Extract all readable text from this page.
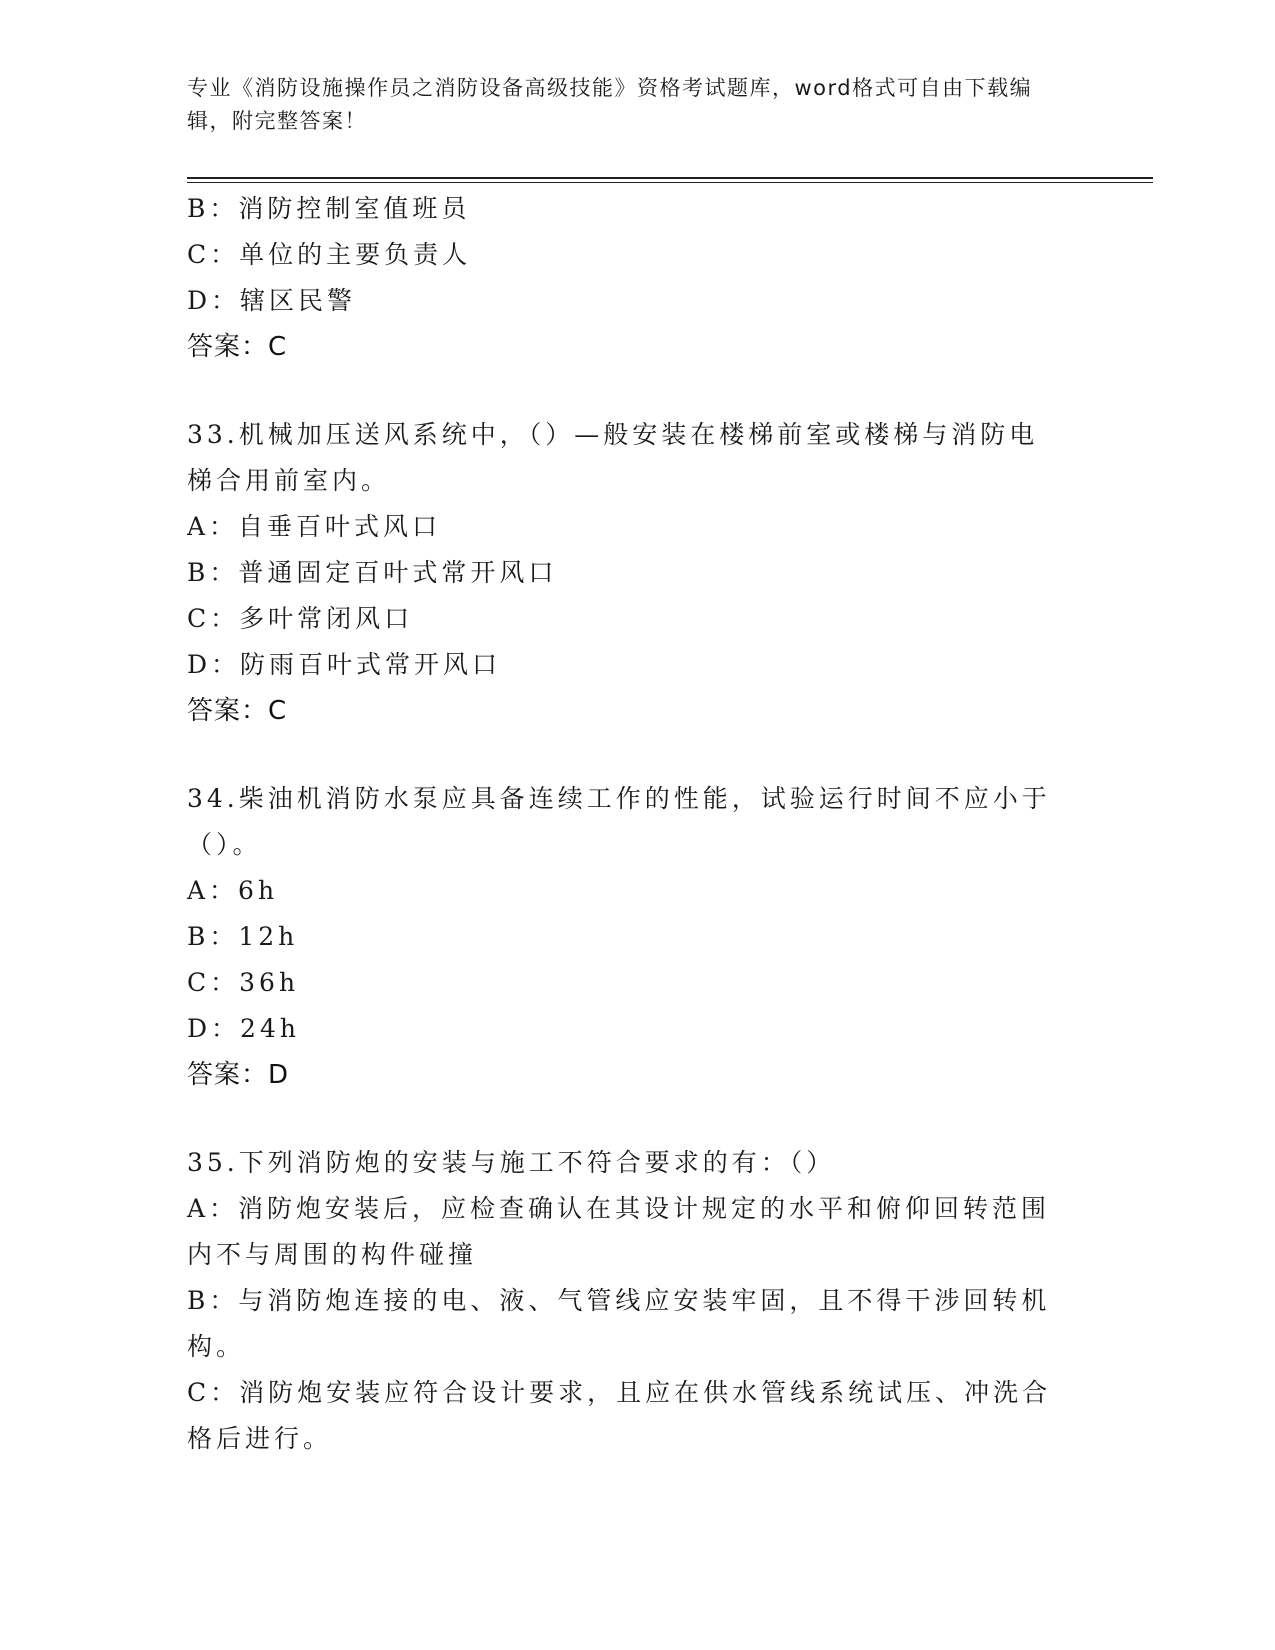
专业《消防设施操作员之消防设备高级技能》资格考试题库，word格式可自由下载编辑，附完整答案！
B：消防控制室值班员
C：单位的主要负责人
D：辖区民警
答案：C
33.机械加压送风系统中，（）—般安装在楼梯前室或楼梯与消防电梯合用前室内。
A：自垂百叶式风口
B：普通固定百叶式常开风口
C：多叶常闭风口
D：防雨百叶式常开风口
答案：C
34.柴油机消防水泵应具备连续工作的性能，试验运行时间不应小于（）。
A：6h
B：12h
C：36h
D：24h
答案：D
35.下列消防炮的安装与施工不符合要求的有：（）
A：消防炮安装后，应检查确认在其设计规定的水平和俯仰回转范围内不与周围的构件碰撞
B：与消防炮连接的电、液、气管线应安装牢固，且不得干涉回转机构。
C：消防炮安装应符合设计要求，且应在供水管线系统试压、冲洗合格后进行。
